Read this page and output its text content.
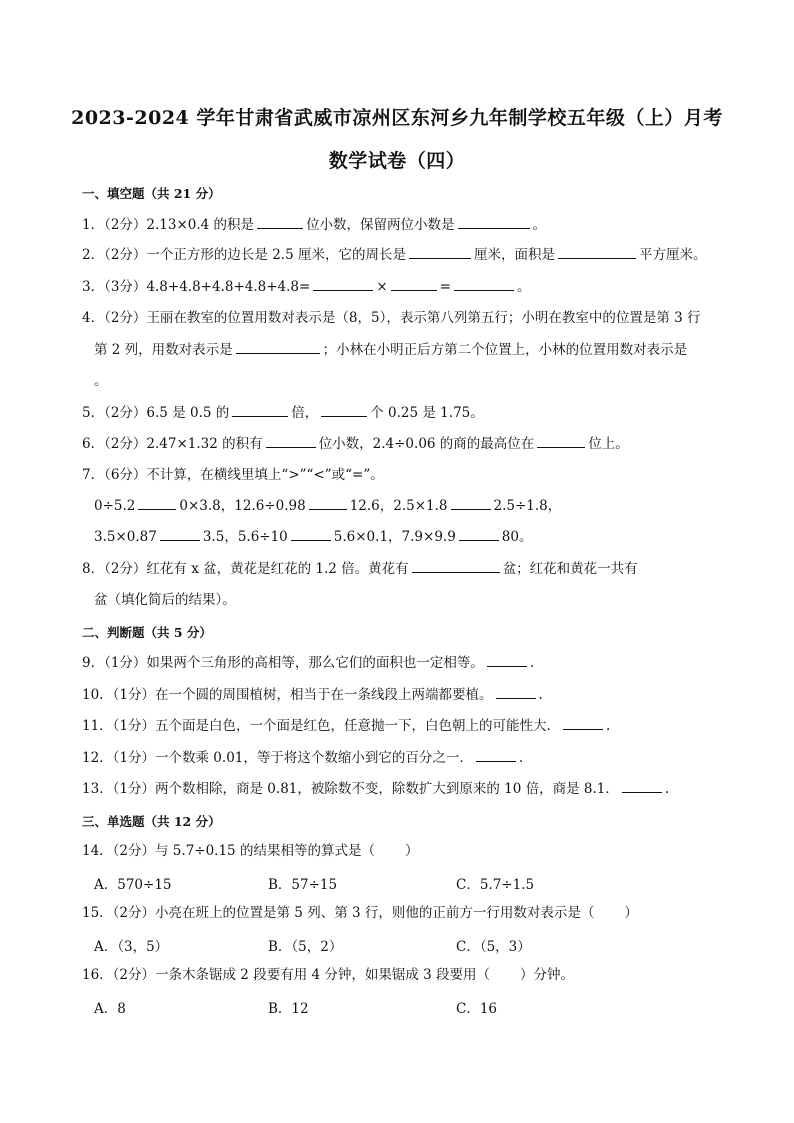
2023-2024 学年甘肃省武威市凉州区东河乡九年制学校五年级（上）月考
数学试卷（四）
一、填空题（共 21 分）
1．（2分）2.13×0.4 的积是	位小数，保留两位小数是	。
2．（2分）一个正方形的边长是 2.5 厘米，它的周长是	厘米，面积是	平方厘米。
3．（3分）4.8+4.8+4.8+4.8+4.8=	×	=	。
4．（2分）王丽在教室的位置用数对表示是（8，5），表示第八列第五行；小明在教室中的位置是第 3 行
第 2 列，用数对表示是	；小林在小明正后方第二个位置上，小林的位置用数对表示是
。
5．（2分）6.5 是 0.5 的	倍，	个 0.25 是 1.75。
6．（2分）2.47×1.32 的积有	位小数，2.4÷0.06 的商的最高位在	位上。
7．（6分）不计算，在横线里填上“>”“<”或“=”。
0÷5.2	0×3.8，12.6÷0.98	12.6，2.5×1.8	2.5÷1.8，
3.5×0.87	3.5，5.6÷10	5.6×0.1，7.9×9.9	80。
8．（2分）红花有 x 盆，黄花是红花的 1.2 倍。黄花有	盆；红花和黄花一共有
盆（填化简后的结果）。
二、判断题（共 5 分）
9．（1分）如果两个三角形的高相等，那么它们的面积也一定相等。	.
10．（1分）在一个圆的周围植树，相当于在一条线段上两端都要植。	.
11．（1分）五个面是白色，一个面是红色，任意抛一下，白色朝上的可能性大．	.
12．（1分）一个数乘 0.01，等于将这个数缩小到它的百分之一．	.
13．（1分）两个数相除，商是 0.81，被除数不变，除数扩大到原来的 10 倍，商是 8.1．	.
三、单选题（共 12 分）
14．（2分）与 5.7÷0.15 的结果相等的算式是（ ）
A．570÷15	B．57÷15	C．5.7÷1.5
15．（2分）小亮在班上的位置是第 5 列、第 3 行，则他的正前方一行用数对表示是（ ）
A．（3，5）	B．（5，2）	C．（5，3）
16．（2分）一条木条锯成 2 段要有用 4 分钟，如果锯成 3 段要用（ ）分钟。
A．8	B．12	C．16
